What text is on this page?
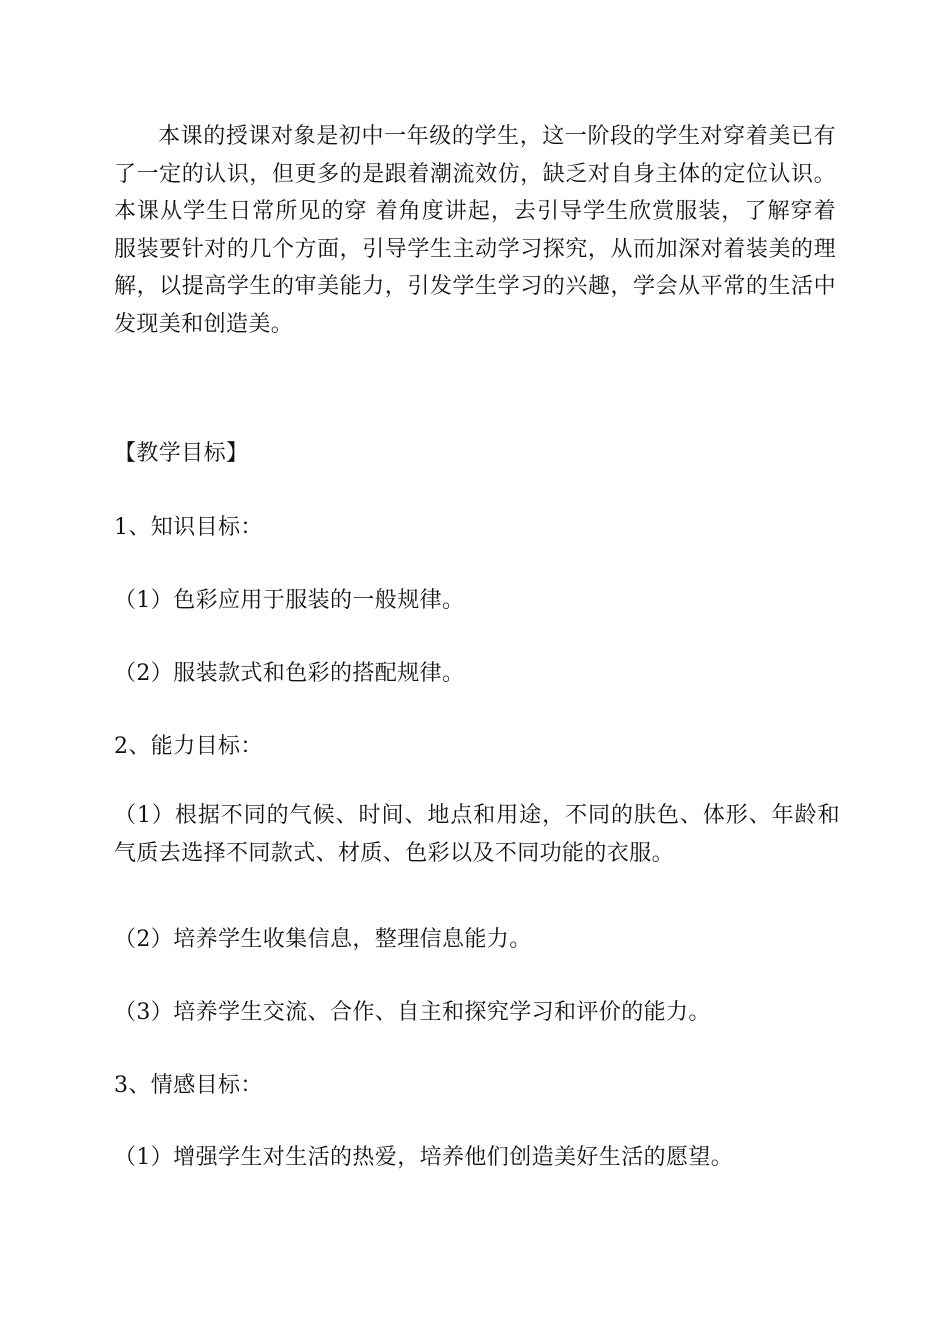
本课的授课对象是初中一年级的学生，这一阶段的学生对穿着美已有了一定的认识，但更多的是跟着潮流效仿，缺乏对自身主体的定位认识。本课从学生日常所见的穿 着角度讲起，去引导学生欣赏服装，了解穿着服装要针对的几个方面，引导学生主动学习探究，从而加深对着装美的理解，以提高学生的审美能力，引发学生学习的兴趣，学会从平常的生活中发现美和创造美。

【教学目标】

1、知识目标：

（1）色彩应用于服装的一般规律。

（2）服装款式和色彩的搭配规律。

2、能力目标：

（1）根据不同的气候、时间、地点和用途，不同的肤色、体形、年龄和气质去选择不同款式、材质、色彩以及不同功能的衣服。

（2）培养学生收集信息，整理信息能力。

（3）培养学生交流、合作、自主和探究学习和评价的能力。

3、情感目标：

（1）增强学生对生活的热爱，培养他们创造美好生活的愿望。
